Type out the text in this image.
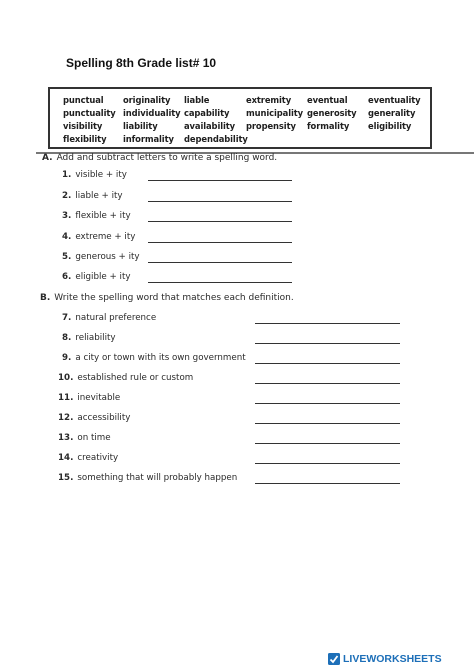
Spelling 8th Grade list# 10
punctual originality liable	extremity eventual eventuality
punctuality individuality capability municipality generosity generality
visibility liability	availability propensity formality eligibility
flexibility informality dependability
A. Add and subtract letters to write a spelling word.
1. visible + ity
2. liable + ity
3. flexible + ity
4. extreme + ity
5. generous + ity
6. eligible + ity
B. Write the spelling word that matches each definition.
7. natural preference
8. reliability
9. a city or town with its own government
10. established rule or custom
11. inevitable
12. accessibility
13. on time
14. creativity
15. something that will probably happen
LIVEWORKSHEETS
